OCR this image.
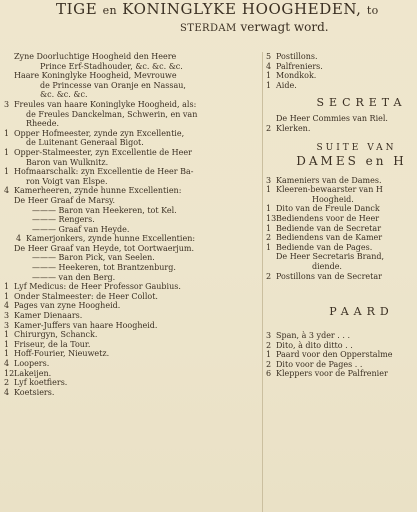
TIGE en KONINGLYKE HOOGHEDEN, to
STERDAM verwagt word.
Zyne Doorluchtige Hoogheid den Heere
Prince Erf-Stadhouder, &c. &c. &c.
Haare Koninglyke Hoogheid, Mevrouwe
de Princesse van Oranje en Nassau,
&c. &c. &c.
3 Freules van haare Koninglyke Hoogheid, als:
de Freules Danckelman, Schwerin, en van
Rheede.
1 Opper Hofmeester, zynde zyn Excellentie,
de Luitenant Generaal Bigot.
1 Opper-Stalmeester, zyn Excellentie de Heer
Baron van Wulknitz.
1 Hofmaarschalk: zyn Excellentie de Heer Ba-
ron Voigt van Elspe.
4 Kamerheeren, zynde hunne Excellentien:
De Heer Graaf de Marsy.
——— Baron van Heekeren, tot Kel.
——— Rengers.
——— Graaf van Heyde.
4 Kamerjonkers, zynde hunne Excellentien:
De Heer Graaf van Heyde, tot Oortwaerjum.
——— Baron Pick, van Seelen.
——— Heekeren, tot Brantzenburg.
——— van den Berg.
1 Lyf Medicus: de Heer Professor Gaubius.
1 Onder Stalmeester: de Heer Collot.
4 Pages van zyne Hoogheid.
3 Kamer Dienaars.
3 Kamer-Juffers van haare Hoogheid.
1 Chirurgyn, Schanck.
1 Friseur, de la Tour.
1 Hoff-Fourier, Nieuwetz.
4 Loopers.
12Lakeijen.
2 Lyf koetfiers.
4 Koetsiers.
5 Postillons.
4 Palfreniers.
1 Mondkok.
1 Aide.
SECRETA
De Heer Commies van Riel.
2 Klerken.
SUITE VAN
DAMES en H
3 Kameniers van de Dames.
1 Kleeren-bewaarster van H
Hoogheid.
1 Dito van de Freule Danck
13Bediendens voor de Heer
1 Bediende van de Secretar
2 Bediendens van de Kamer
1 Bediende van de Pages.
De Heer Secretaris Brand,
diende.
2 Postillons van de Secretar
PAARD
3 Span, à 3 yder . . .
2 Dito, à dito ditto . .
1 Paard voor den Opperstalme
2 Dito voor de Pages . .
6 Kleppers voor de Palfrenier
